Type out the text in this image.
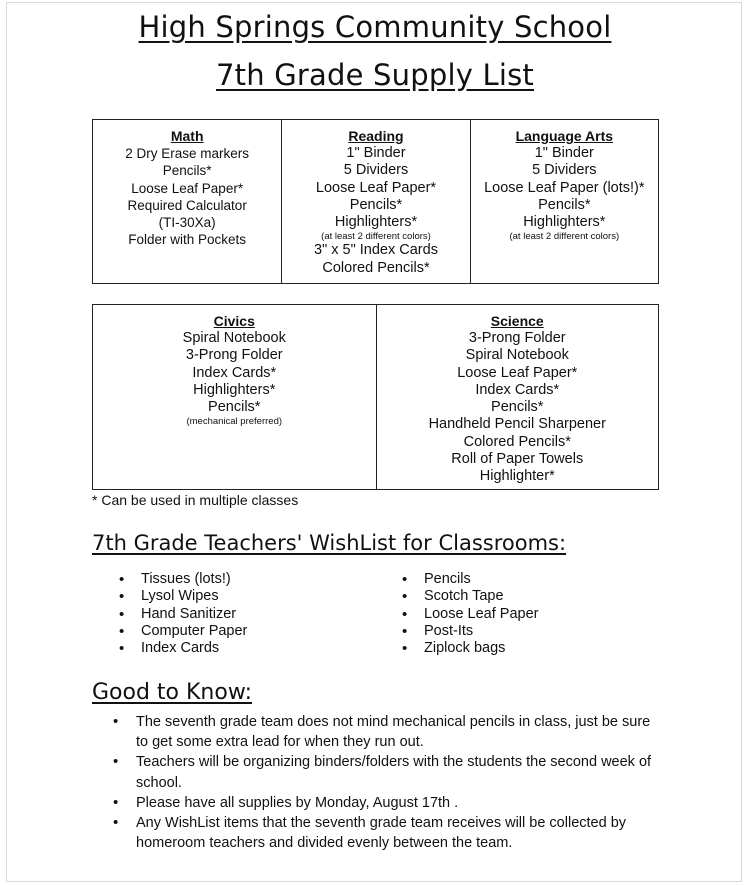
High Springs Community School
7th Grade Supply List
Math
2 Dry Erase markers
Pencils*
Loose Leaf Paper*
Required Calculator
(TI-30Xa)
Folder with Pockets
Reading
1" Binder
5 Dividers
Loose Leaf Paper*
Pencils*
Highlighters*
(at least 2 different colors)
3" x 5" Index Cards
Colored Pencils*
Language Arts
1" Binder
5 Dividers
Loose Leaf Paper (lots!)*
Pencils*
Highlighters*
(at least 2 different colors)
Civics
Spiral Notebook
3-Prong Folder
Index Cards*
Highlighters*
Pencils*
(mechanical preferred)
Science
3-Prong Folder
Spiral Notebook
Loose Leaf Paper*
Index Cards*
Pencils*
Handheld Pencil Sharpener
Colored Pencils*
Roll of Paper Towels
Highlighter*
* Can be used in multiple classes
7th Grade Teachers' WishList for Classrooms:
• Tissues (lots!)
• Lysol Wipes
• Hand Sanitizer
• Computer Paper
• Index Cards
• Pencils
• Scotch Tape
• Loose Leaf Paper
• Post-Its
• Ziplock bags
Good to Know:
• The seventh grade team does not mind mechanical pencils in class, just be sure to get some extra lead for when they run out.
• Teachers will be organizing binders/folders with the students the second week of school.
• Please have all supplies by Monday, August 17th .
• Any WishList items that the seventh grade team receives will be collected by homeroom teachers and divided evenly between the team.
